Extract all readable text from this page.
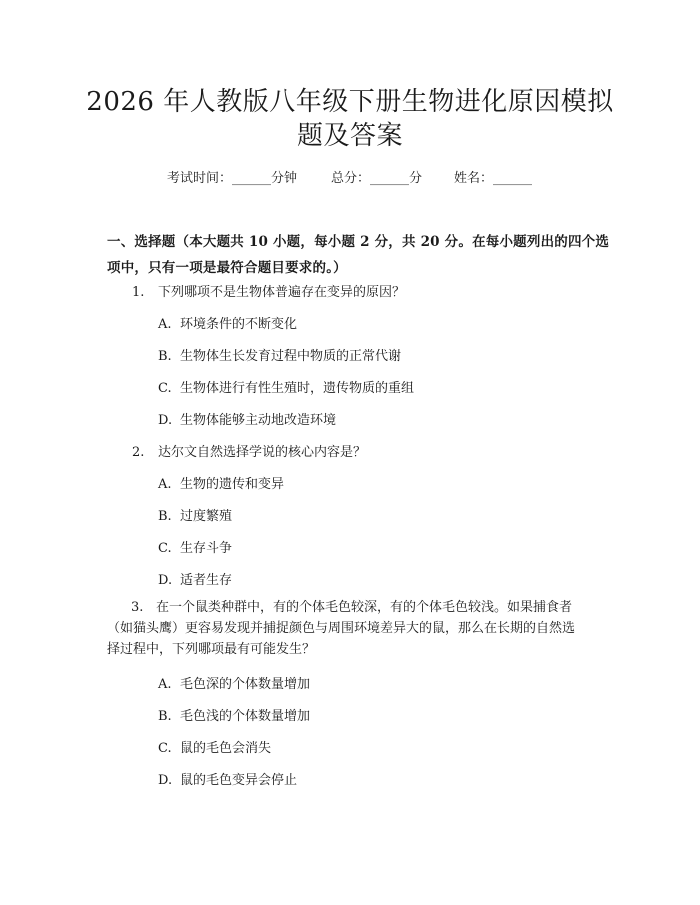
2026 年人教版八年级下册生物进化原因模拟
题及答案
考试时间：______分钟	总分：______分 姓名：______
一、选择题（本大题共 10 小题，每小题 2 分，共 20 分。在每小题列出的四个选
项中，只有一项是最符合题目要求的。）
1. 下列哪项不是生物体普遍存在变异的原因？
A. 环境条件的不断变化
B. 生物体生长发育过程中物质的正常代谢
C. 生物体进行有性生殖时，遗传物质的重组
D. 生物体能够主动地改造环境
2. 达尔文自然选择学说的核心内容是？
A. 生物的遗传和变异
B. 过度繁殖
C. 生存斗争
D. 适者生存
3. 在一个鼠类种群中，有的个体毛色较深，有的个体毛色较浅。如果捕食者
（如猫头鹰）更容易发现并捕捉颜色与周围环境差异大的鼠，那么在长期的自然选
择过程中，下列哪项最有可能发生？
A. 毛色深的个体数量增加
B. 毛色浅的个体数量增加
C. 鼠的毛色会消失
D. 鼠的毛色变异会停止
